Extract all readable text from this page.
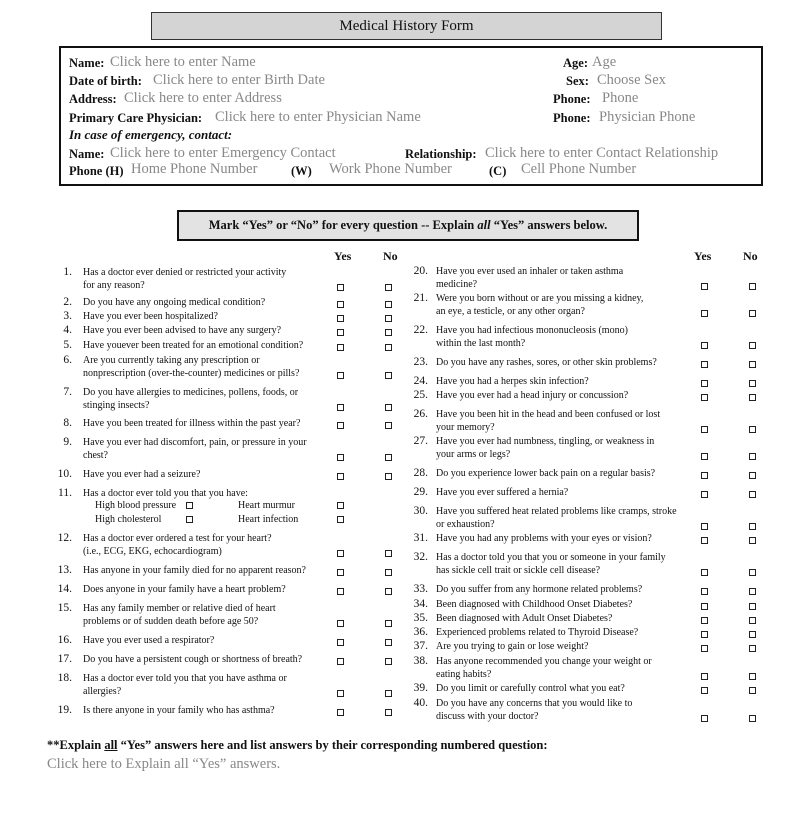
Medical History Form
Name: Click here to enter Name	Age: Age
Date of birth: Click here to enter Birth Date	Sex: Choose Sex
Address: Click here to enter Address	Phone: Phone
Primary Care Physician: Click here to enter Physician Name	Phone: Physician Phone
In case of emergency, contact:
Name: Click here to enter Emergency Contact	Relationship: Click here to enter Contact Relationship
Phone (H) Home Phone Number	(W) Work Phone Number	(C) Cell Phone Number
Mark “Yes” or “No” for every question -- Explain all “Yes” answers below.
Yes	No	Yes	No
1. Has a doctor ever denied or restricted your activity
for any reason?
2. Do you have any ongoing medical condition?
3. Have you ever been hospitalized?
4. Have you ever been advised to have any surgery?
5. Have youever been treated for an emotional condition?
6. Are you currently taking any prescription or
nonprescription (over-the-counter) medicines or pills?
7. Do you have allergies to medicines, pollens, foods, or
stinging insects?
8. Have you been treated for illness within the past year?
9. Have you ever had discomfort, pain, or pressure in your
chest?
10. Have you ever had a seizure?
11. Has a doctor ever told you that you have:
12. Has a doctor ever ordered a test for your heart?
(i.e., ECG, EKG, echocardiogram)
13. Has anyone in your family died for no apparent reason?
14. Does anyone in your family have a heart problem?
15. Has any family member or relative died of heart
problems or of sudden death before age 50?
16. Have you ever used a respirator?
17. Do you have a persistent cough or shortness of breath?
18. Has a doctor ever told you that you have asthma or
allergies?
19. Is there anyone in your family who has asthma?
20. Have you ever used an inhaler or taken asthma
medicine?
21. Were you born without or are you missing a kidney,
an eye, a testicle, or any other organ?
22. Have you had infectious mononucleosis (mono)
within the last month?
23. Do you have any rashes, sores, or other skin problems?
24. Have you had a herpes skin infection?
25. Have you ever had a head injury or concussion?
26. Have you been hit in the head and been confused or lost
your memory?
27. Have you ever had numbness, tingling, or weakness in
your arms or legs?
28. Do you experience lower back pain on a regular basis?
29. Have you ever suffered a hernia?
30. Have you suffered heat related problems like cramps, stroke
or exhaustion?
31. Have you had any problems with your eyes or vision?
32. Has a doctor told you that you or someone in your family
has sickle cell trait or sickle cell disease?
33. Do you suffer from any hormone related problems?
34. Been diagnosed with Childhood Onset Diabetes?
35. Been diagnosed with Adult Onset Diabetes?
36. Experienced problems related to Thyroid Disease?
37. Are you trying to gain or lose weight?
38. Has anyone recommended you change your weight or
eating habits?
39. Do you limit or carefully control what you eat?
40. Do you have any concerns that you would like to
discuss with your doctor?
High blood pressure	Heart murmur
High cholesterol	Heart infection
**Explain all “Yes” answers here and list answers by their corresponding numbered question:
Click here to Explain all “Yes” answers.
